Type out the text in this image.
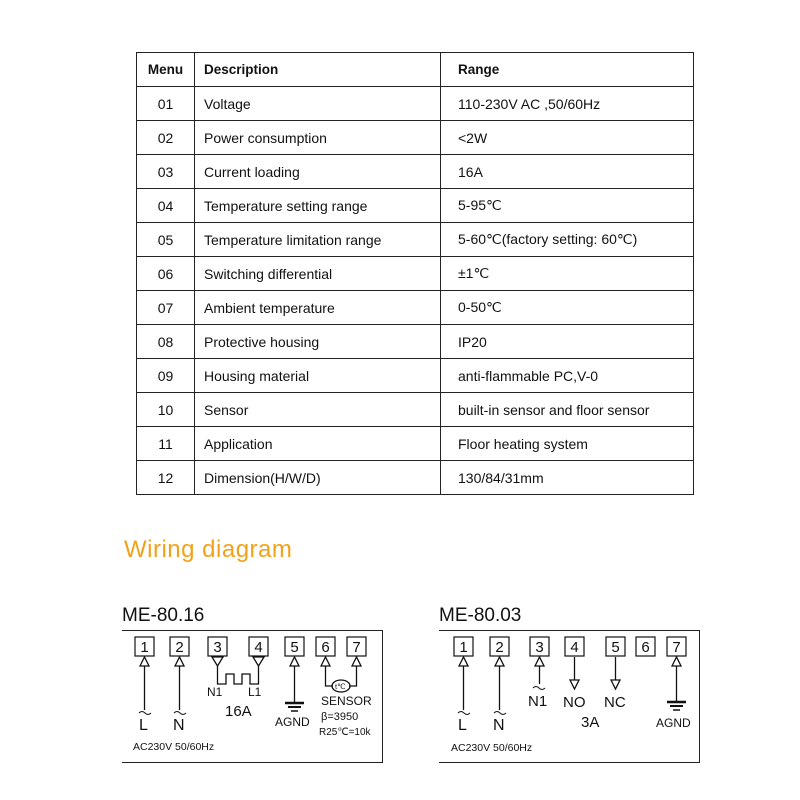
Menu	Description	Range
01	Voltage	110-230V AC ,50/60Hz
02	Power consumption	<2W
03	Current loading	16A
04	Temperature setting range	5-95℃
05	Temperature limitation range	5-60℃(factory setting: 60℃)
06	Switching differential	±1℃
07	Ambient temperature	0-50℃
08	Protective housing	IP20
09	Housing material	anti-flammable PC,V-0
10	Sensor	built-in sensor and floor sensor
11	Application	Floor heating system
12	Dimension(H/W/D)	130/84/31mm
Wiring diagram
ME-80.16	ME-80.03
1 2 3 4 5 6 7
L N
N1 L1
16A
AGND
t℃
SENSOR
β=3950
R25℃=10k
AC230V 50/60Hz
1 2 3 4 5 6 7
L N
N1 NO NC
3A	AGND
AC230V 50/60Hz
